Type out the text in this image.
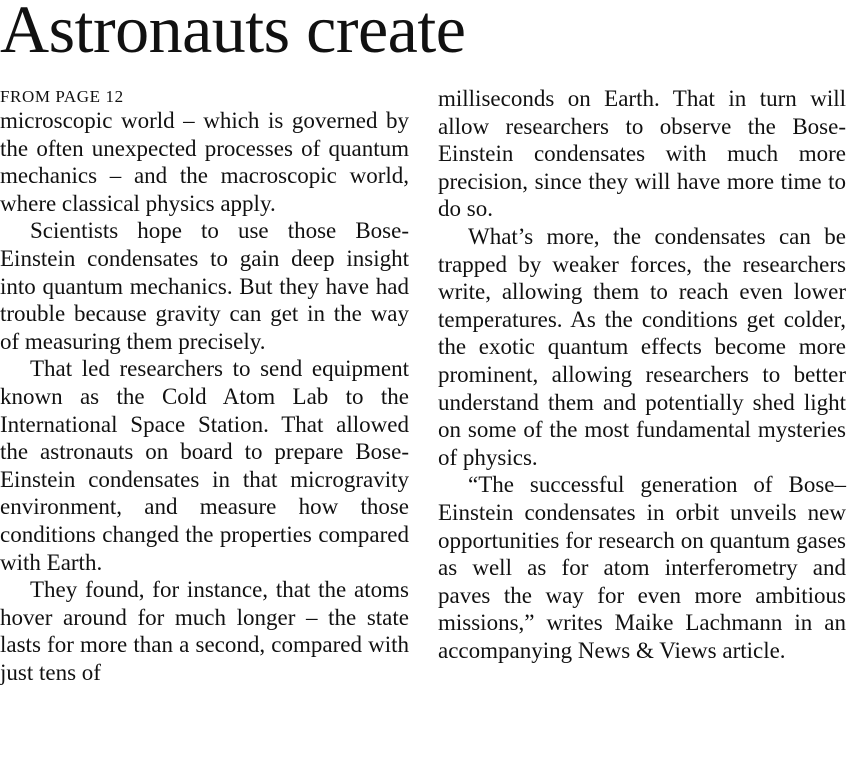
Astronauts create

FROM PAGE 12

microscopic world – which is governed by the often unexpected processes of quantum mechanics – and the macroscopic world, where classical physics apply.

Scientists hope to use those Bose-Einstein condensates to gain deep insight into quantum mechanics. But they have had trouble because gravity can get in the way of measuring them precisely.

That led researchers to send equipment known as the Cold Atom Lab to the International Space Station. That allowed the astronauts on board to prepare Bose-Einstein condensates in that microgravity environment, and measure how those conditions changed the properties compared with Earth.

They found, for instance, that the atoms hover around for much longer – the state lasts for more than a second, compared with just tens of

milliseconds on Earth. That in turn will allow researchers to observe the Bose-Einstein condensates with much more precision, since they will have more time to do so.

What’s more, the condensates can be trapped by weaker forces, the researchers write, allowing them to reach even lower temperatures. As the conditions get colder, the exotic quantum effects become more prominent, allowing researchers to better understand them and potentially shed light on some of the most fundamental mysteries of physics.

“The successful generation of Bose–Einstein condensates in orbit unveils new opportunities for research on quantum gases as well as for atom interferometry and paves the way for even more ambitious missions,” writes Maike Lachmann in an accompanying News & Views article.
